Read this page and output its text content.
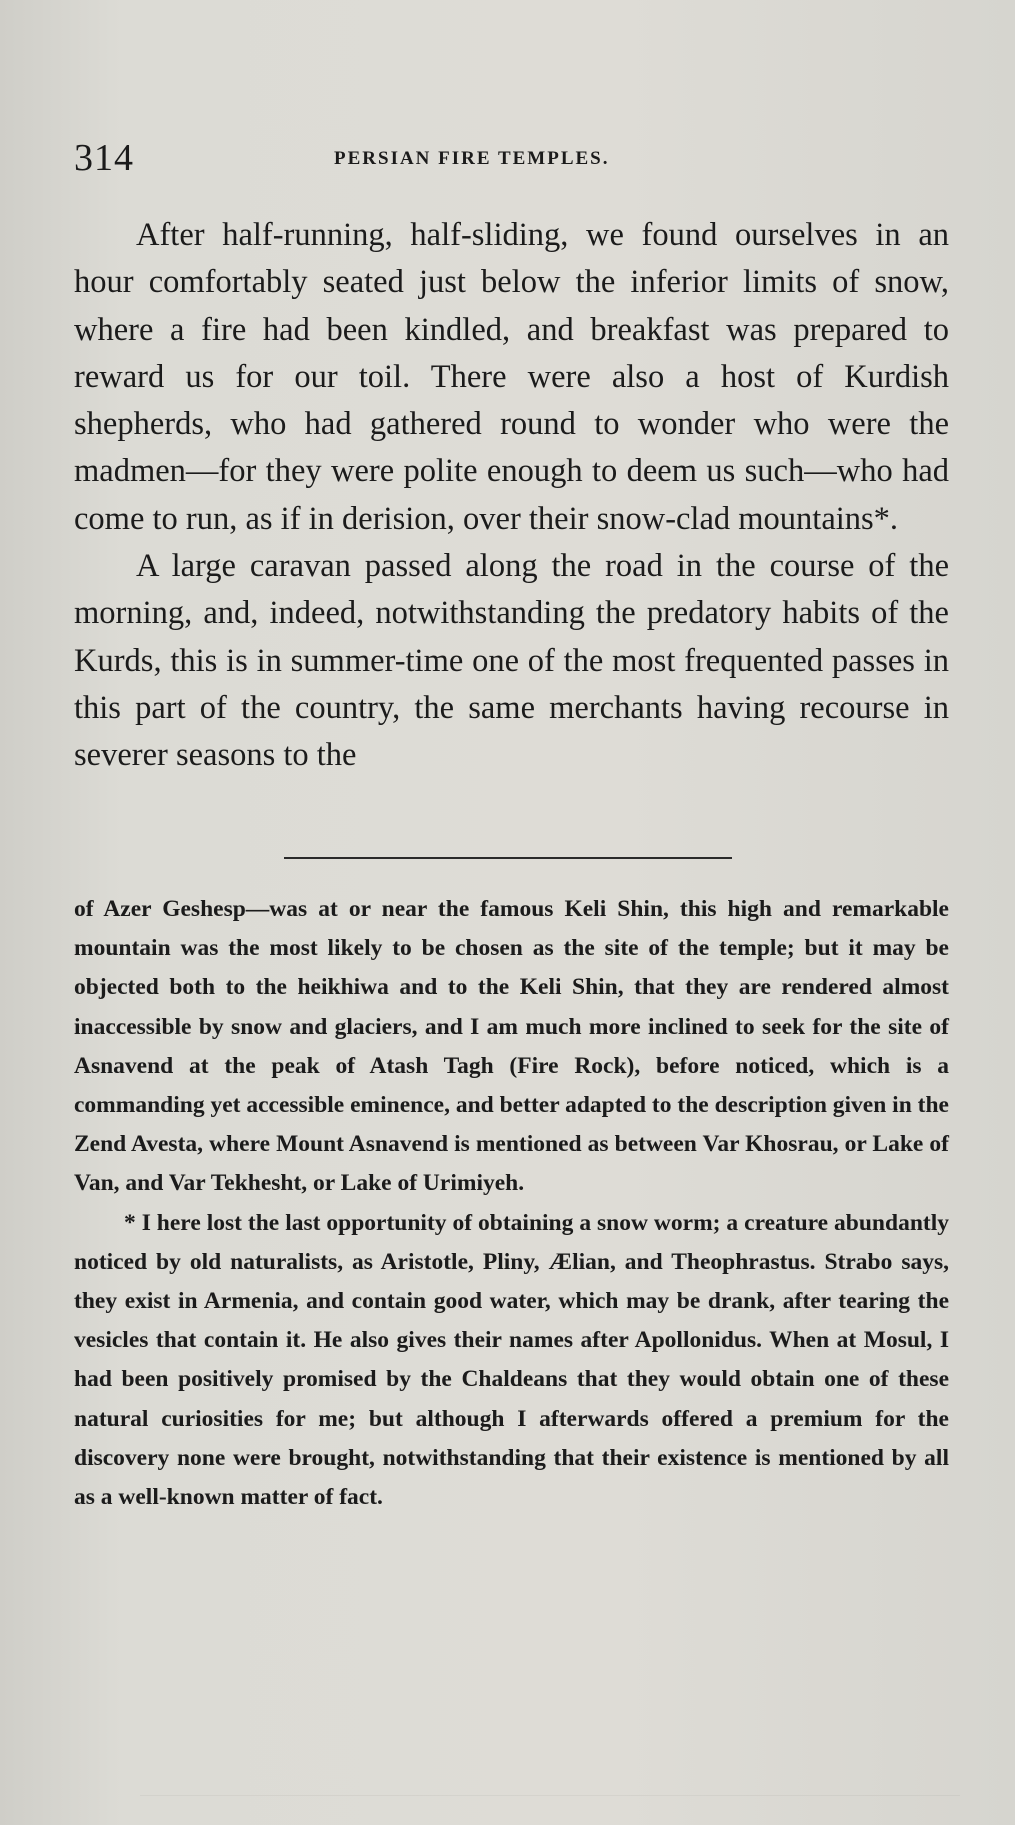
314	PERSIAN FIRE TEMPLES.

After half-running, half-sliding, we found ourselves in an hour comfortably seated just below the inferior limits of snow, where a fire had been kindled, and breakfast was prepared to reward us for our toil. There were also a host of Kurdish shepherds, who had gathered round to wonder who were the madmen—for they were polite enough to deem us such—who had come to run, as if in derision, over their snow-clad mountains*.

A large caravan passed along the road in the course of the morning, and, indeed, notwithstanding the predatory habits of the Kurds, this is in summer-time one of the most frequented passes in this part of the country, the same merchants having recourse in severer seasons to the

of Azer Geshesp—was at or near the famous Keli Shin, this high and remarkable mountain was the most likely to be chosen as the site of the temple; but it may be objected both to the heikhiwa and to the Keli Shin, that they are rendered almost inaccessible by snow and glaciers, and I am much more inclined to seek for the site of Asnavend at the peak of Atash Tagh (Fire Rock), before noticed, which is a commanding yet accessible eminence, and better adapted to the description given in the Zend Avesta, where Mount Asnavend is mentioned as between Var Khosrau, or Lake of Van, and Var Tekhesht, or Lake of Urimiyeh.

* I here lost the last opportunity of obtaining a snow worm; a creature abundantly noticed by old naturalists, as Aristotle, Pliny, Ælian, and Theophrastus. Strabo says, they exist in Armenia, and contain good water, which may be drank, after tearing the vesicles that contain it. He also gives their names after Apollonidus. When at Mosul, I had been positively promised by the Chaldeans that they would obtain one of these natural curiosities for me; but although I afterwards offered a premium for the discovery none were brought, notwithstanding that their existence is mentioned by all as a well-known matter of fact.
